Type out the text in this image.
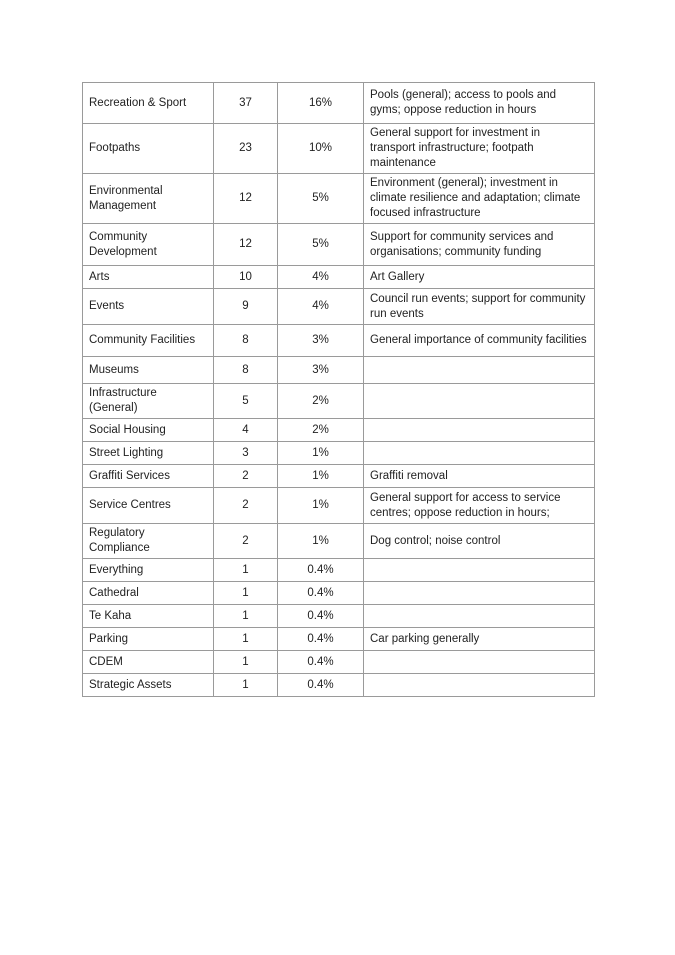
Recreation & Sport	37	16%	Pools (general); access to pools and gyms; oppose reduction in hours
Footpaths	23	10%	General support for investment in transport infrastructure; footpath maintenance
Environmental Management	12	5%	Environment (general); investment in climate resilience and adaptation; climate focused infrastructure
Community Development	12	5%	Support for community services and organisations; community funding
Arts	10	4%	Art Gallery
Events	9	4%	Council run events; support for community run events
Community Facilities	8	3%	General importance of community facilities
Museums	8	3%	
Infrastructure (General)	5	2%	
Social Housing	4	2%	
Street Lighting	3	1%	
Graffiti Services	2	1%	Graffiti removal
Service Centres	2	1%	General support for access to service centres; oppose reduction in hours;
Regulatory Compliance	2	1%	Dog control; noise control
Everything	1	0.4%	
Cathedral	1	0.4%	
Te Kaha	1	0.4%	
Parking	1	0.4%	Car parking generally
CDEM	1	0.4%	
Strategic Assets	1	0.4%	
